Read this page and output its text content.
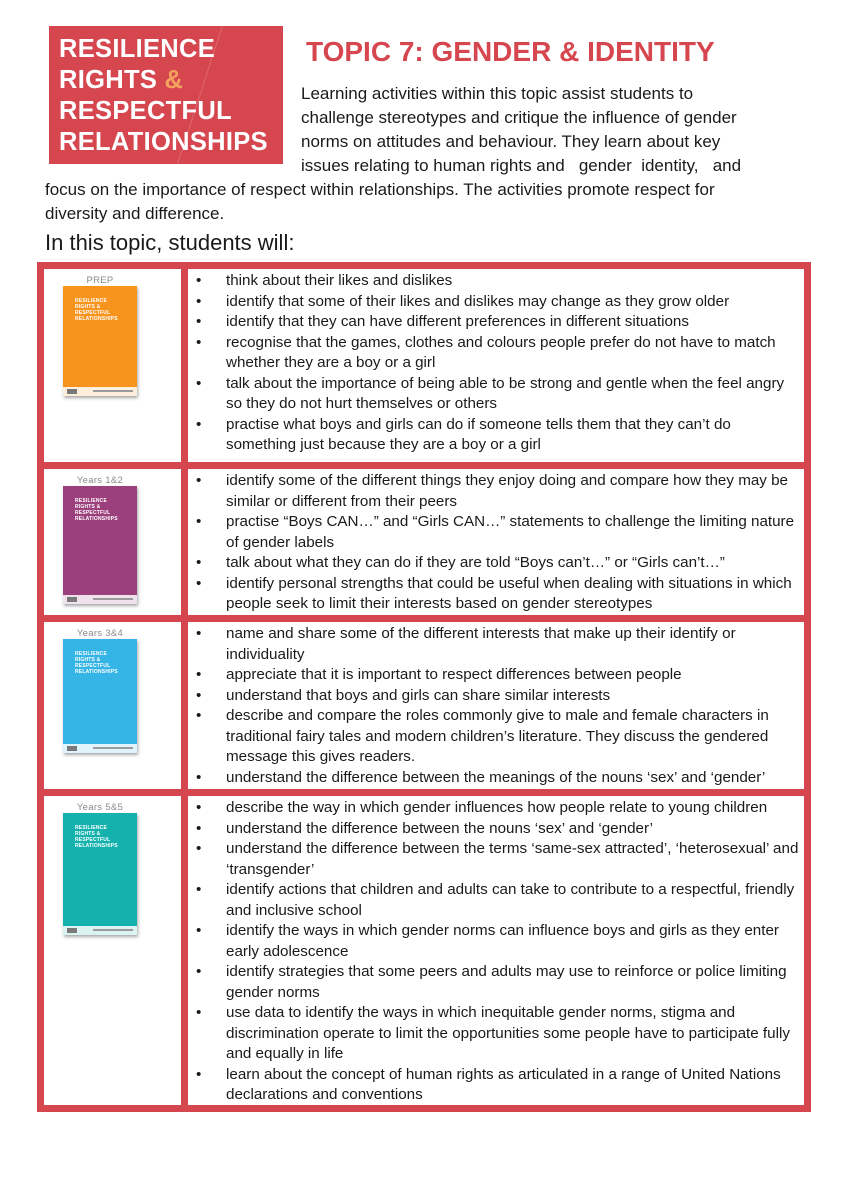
RESILIENCE
RIGHTS &
RESPECTFUL
RELATIONSHIPS
TOPIC 7: GENDER & IDENTITY
Learning activities within this topic assist students to
challenge stereotypes and critique the influence of gender
norms on attitudes and behaviour. They learn about key
issues relating to human rights and   gender  identity,   and
focus on the importance of respect within relationships. The activities promote respect for
diversity and difference.
In this topic, students will:
PREP
RESILIENCE
RIGHTS &
RESPECTFUL
RELATIONSHIPS
• think about their likes and dislikes
• identify that some of their likes and dislikes may change as they grow older
• identify that they can have different preferences in different situations
• recognise that the games, clothes and colours people prefer do not have to match whether they are a boy or a girl
• talk about the importance of being able to be strong and gentle when the feel angry so they do not hurt themselves or others
• practise what boys and girls can do if someone tells them that they can’t do something just because they are a boy or a girl
Years 1&2
RESILIENCE
RIGHTS &
RESPECTFUL
RELATIONSHIPS
• identify some of the different things they enjoy doing and compare how they may be similar or different from their peers
• practise “Boys CAN…” and “Girls CAN…” statements to challenge the limiting nature of gender labels
• talk about what they can do if they are told “Boys can’t…” or “Girls can’t…”
• identify personal strengths that could be useful when dealing with situations in which people seek to limit their interests based on gender stereotypes
Years 3&4
RESILIENCE
RIGHTS &
RESPECTFUL
RELATIONSHIPS
• name and share some of the different interests that make up their identify or individuality
• appreciate that it is important to respect differences between people
• understand that boys and girls can share similar interests
• describe and compare the roles commonly give to male and female characters in traditional fairy tales and modern children’s literature. They discuss the gendered message this gives readers.
• understand the difference between the meanings of the nouns ‘sex’ and ‘gender’
Years 5&5
RESILIENCE
RIGHTS &
RESPECTFUL
RELATIONSHIPS
• describe the way in which gender influences how people relate to young children
• understand the difference between the nouns ‘sex’ and ‘gender’
• understand the difference between the terms ‘same-sex attracted’, ‘heterosexual’ and ‘transgender’
• identify actions that children and adults can take to contribute to a respectful, friendly and inclusive school
• identify the ways in which gender norms can influence boys and girls as they enter early adolescence
• identify strategies that some peers and adults may use to reinforce or police limiting gender norms
• use data to identify the ways in which inequitable gender norms, stigma and discrimination operate to limit the opportunities some people have to participate fully and equally in life
• learn about the concept of human rights as articulated in a range of United Nations declarations and conventions
